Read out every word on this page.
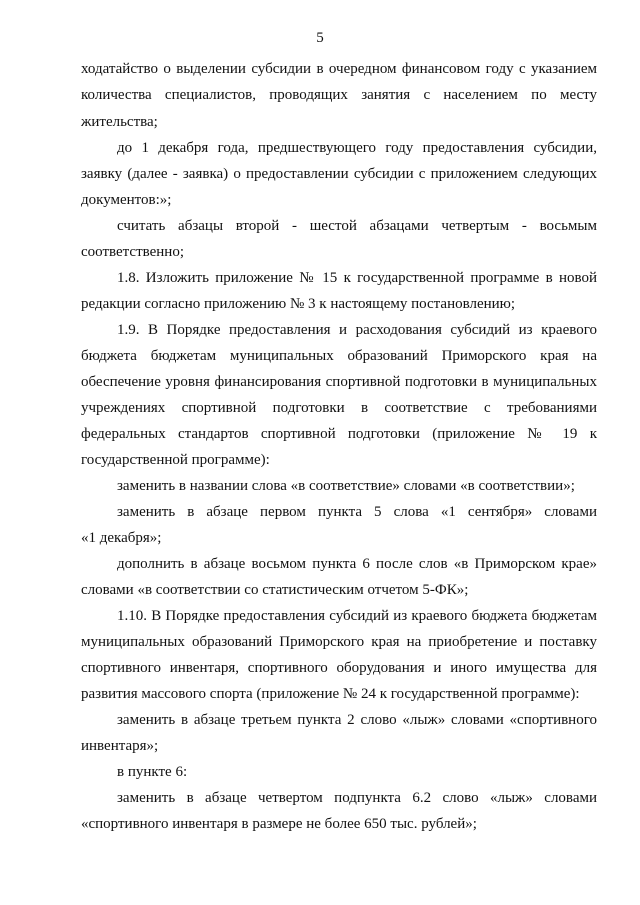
5
ходатайство о выделении субсидии в очередном финансовом году с указанием
количества специалистов, проводящих занятия с населением по месту
жительства;
до 1 декабря года, предшествующего году предоставления субсидии,
заявку (далее - заявка) о предоставлении субсидии с приложением следующих
документов:»;
считать абзацы второй - шестой абзацами четвертым - восьмым
соответственно;
1.8. Изложить приложение № 15 к государственной программе в новой
редакции согласно приложению № 3 к настоящему постановлению;
1.9. В Порядке предоставления и расходования субсидий из краевого
бюджета бюджетам муниципальных образований Приморского края на
обеспечение уровня финансирования спортивной подготовки в муниципальных
учреждениях спортивной подготовки в соответствие с требованиями
федеральных стандартов спортивной подготовки (приложение № 19 к
государственной программе):
заменить в названии слова «в соответствие» словами «в соответствии»;
заменить в абзаце первом пункта 5 слова «1 сентября» словами
«1 декабря»;
дополнить в абзаце восьмом пункта 6 после слов «в Приморском крае»
словами «в соответствии со статистическим отчетом 5-ФК»;
1.10. В Порядке предоставления субсидий из краевого бюджета бюджетам
муниципальных образований Приморского края на приобретение и поставку
спортивного инвентаря, спортивного оборудования и иного имущества для
развития массового спорта (приложение № 24 к государственной программе):
заменить в абзаце третьем пункта 2 слово «лыж» словами «спортивного
инвентаря»;
в пункте 6:
заменить в абзаце четвертом подпункта 6.2 слово «лыж» словами
«спортивного инвентаря в размере не более 650 тыс. рублей»;
